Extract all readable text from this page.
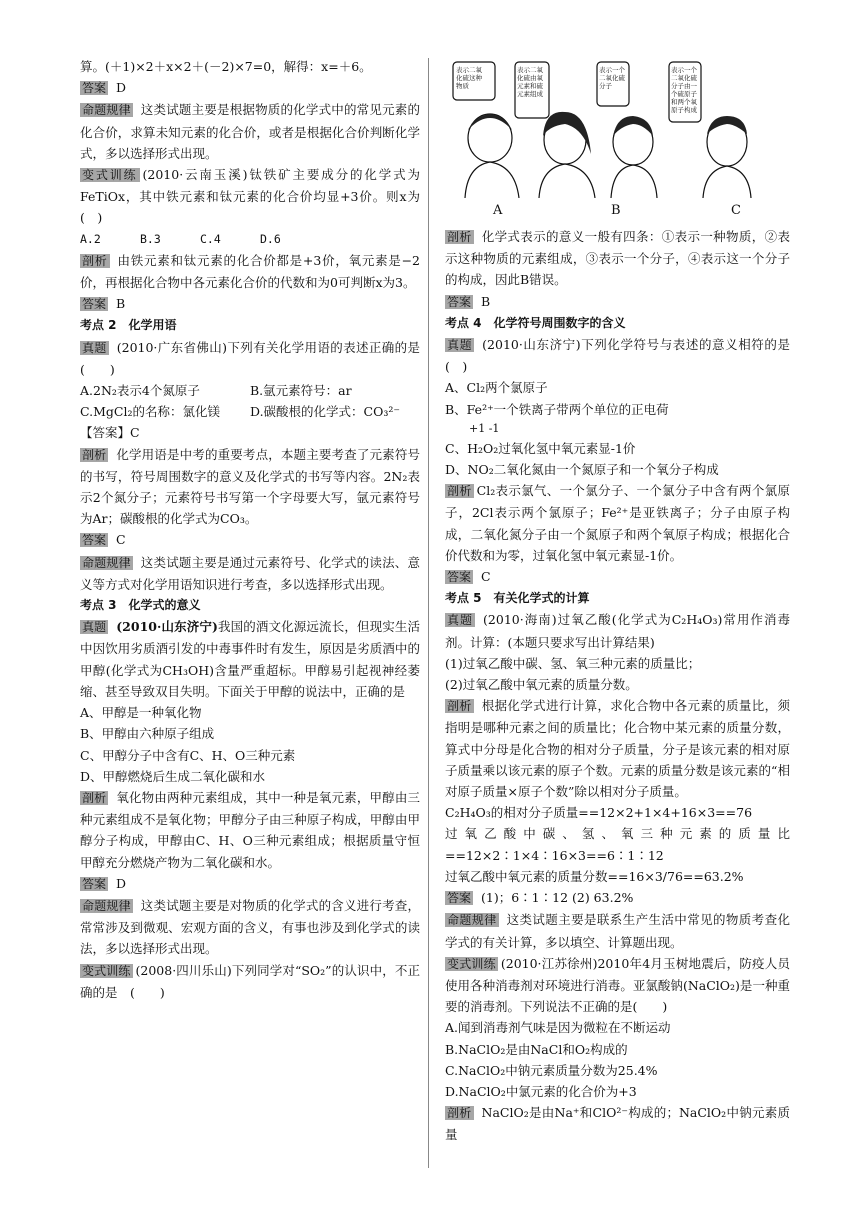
算。(＋1)×2＋x×2＋(－2)×7=0，解得：x=＋6。

答案 D

命题规律 这类试题主要是根据物质的化学式中的常见元素的化合价，求算未知元素的化合价，或者是根据化合价判断化学式，多以选择形式出现。

变式训练 (2010·云南玉溪)钛铁矿主要成分的化学式为FeTiOx，其中铁元素和钛元素的化合价均显+3价。则x为(　)

A.2	B.3	C.4	D.6

剖析 由铁元素和钛元素的化合价都是+3价，氧元素是−2价，再根据化合物中各元素化合价的代数和为0可判断x为3。

答案 B

考点 2　化学用语

真题 (2010·广东省佛山)下列有关化学用语的表述正确的是(　　)

A.2N₂表示4个氮原子	B.氩元素符号：ar

C.MgCl₂的名称：氯化镁 D.碳酸根的化学式：CO₃²⁻

【答案】C

剖析 化学用语是中考的重要考点，本题主要考查了元素符号的书写，符号周围数字的意义及化学式的书写等内容。2N₂表示2个氮分子；元素符号书写第一个字母要大写，氩元素符号为Ar；碳酸根的化学式为CO₃。

答案 C

命题规律 这类试题主要是通过元素符号、化学式的读法、意义等方式对化学用语知识进行考查，多以选择形式出现。

考点 3　化学式的意义

真题 (2010·山东济宁)我国的酒文化源远流长，但现实生活中因饮用劣质酒引发的中毒事件时有发生，原因是劣质酒中的甲醇(化学式为CH₃OH)含量严重超标。甲醇易引起视神经萎缩、甚至导致双目失明。下面关于甲醇的说法中，正确的是

A、甲醇是一种氧化物

B、甲醇由六种原子组成

C、甲醇分子中含有C、H、O三种元素

D、甲醇燃烧后生成二氧化碳和水

剖析 氧化物由两种元素组成，其中一种是氧元素，甲醇由三种元素组成不是氧化物；甲醇分子由三种原子构成，甲醇由甲醇分子构成，甲醇由C、H、O三种元素组成；根据质量守恒甲醇充分燃烧产物为二氧化碳和水。

答案 D

命题规律 这类试题主要是对物质的化学式的含义进行考查，常常涉及到微观、宏观方面的含义，有事也涉及到化学式的读法，多以选择形式出现。

变式训练 (2008·四川乐山)下列同学对“SO₂”的认识中，不正确的是　(　　)

表示二氧化硫这种物质
表示二氧化硫由氧元素和硫元素组成
表示一个二氧化硫分子
表示一个二氧化硫分子由一个硫原子和两个氧原子构成
A	B	C

剖析 化学式表示的意义一般有四条：①表示一种物质，②表示这种物质的元素组成，③表示一个分子，④表示这一个分子的构成，因此B错误。

答案 B

考点 4　化学符号周围数字的含义

真题 (2010·山东济宁)下列化学符号与表述的意义相符的是(　)

A、Cl₂两个氯原子

B、Fe²⁺一个铁离子带两个单位的正电荷

+1 -1

C、H₂O₂过氧化氢中氧元素显-1价

D、NO₂二氧化氮由一个氮原子和一个氧分子构成

剖析 Cl₂表示氯气、一个氯分子、一个氯分子中含有两个氯原子，2Cl表示两个氯原子；Fe²⁺是亚铁离子；分子由原子构成，二氧化氮分子由一个氮原子和两个氧原子构成；根据化合价代数和为零，过氧化氢中氧元素显-1价。

答案 C

考点 5　有关化学式的计算

真题 (2010·海南)过氧乙酸(化学式为C₂H₄O₃)常用作消毒剂。计算：(本题只要求写出计算结果)

(1)过氧乙酸中碳、氢、氧三种元素的质量比；

(2)过氧乙酸中氧元素的质量分数。

剖析 根据化学式进行计算，求化合物中各元素的质量比，须指明是哪种元素之间的质量比；化合物中某元素的质量分数，算式中分母是化合物的相对分子质量，分子是该元素的相对原子质量乘以该元素的原子个数。元素的质量分数是该元素的“相对原子质量×原子个数”除以相对分子质量。

C₂H₄O₃的相对分子质量==12×2+1×4+16×3==76

过氧乙酸中碳、氢、氧三种元素的质量比==12×2∶1×4∶16×3==6∶1∶12

过氧乙酸中氧元素的质量分数==16×3/76==63.2%

答案 (1)；6∶1∶12 (2) 63.2%

命题规律 这类试题主要是联系生产生活中常见的物质考查化学式的有关计算，多以填空、计算题出现。

变式训练 (2010·江苏徐州)2010年4月玉树地震后，防疫人员使用各种消毒剂对环境进行消毒。亚氯酸钠(NaClO₂)是一种重要的消毒剂。下列说法不正确的是(　　)

A.闻到消毒剂气味是因为微粒在不断运动

B.NaClO₂是由NaCl和O₂构成的

C.NaClO₂中钠元素质量分数为25.4%

D.NaClO₂中氯元素的化合价为+3

剖析 NaClO₂是由Na⁺和ClO²⁻构成的；NaClO₂中钠元素质量
